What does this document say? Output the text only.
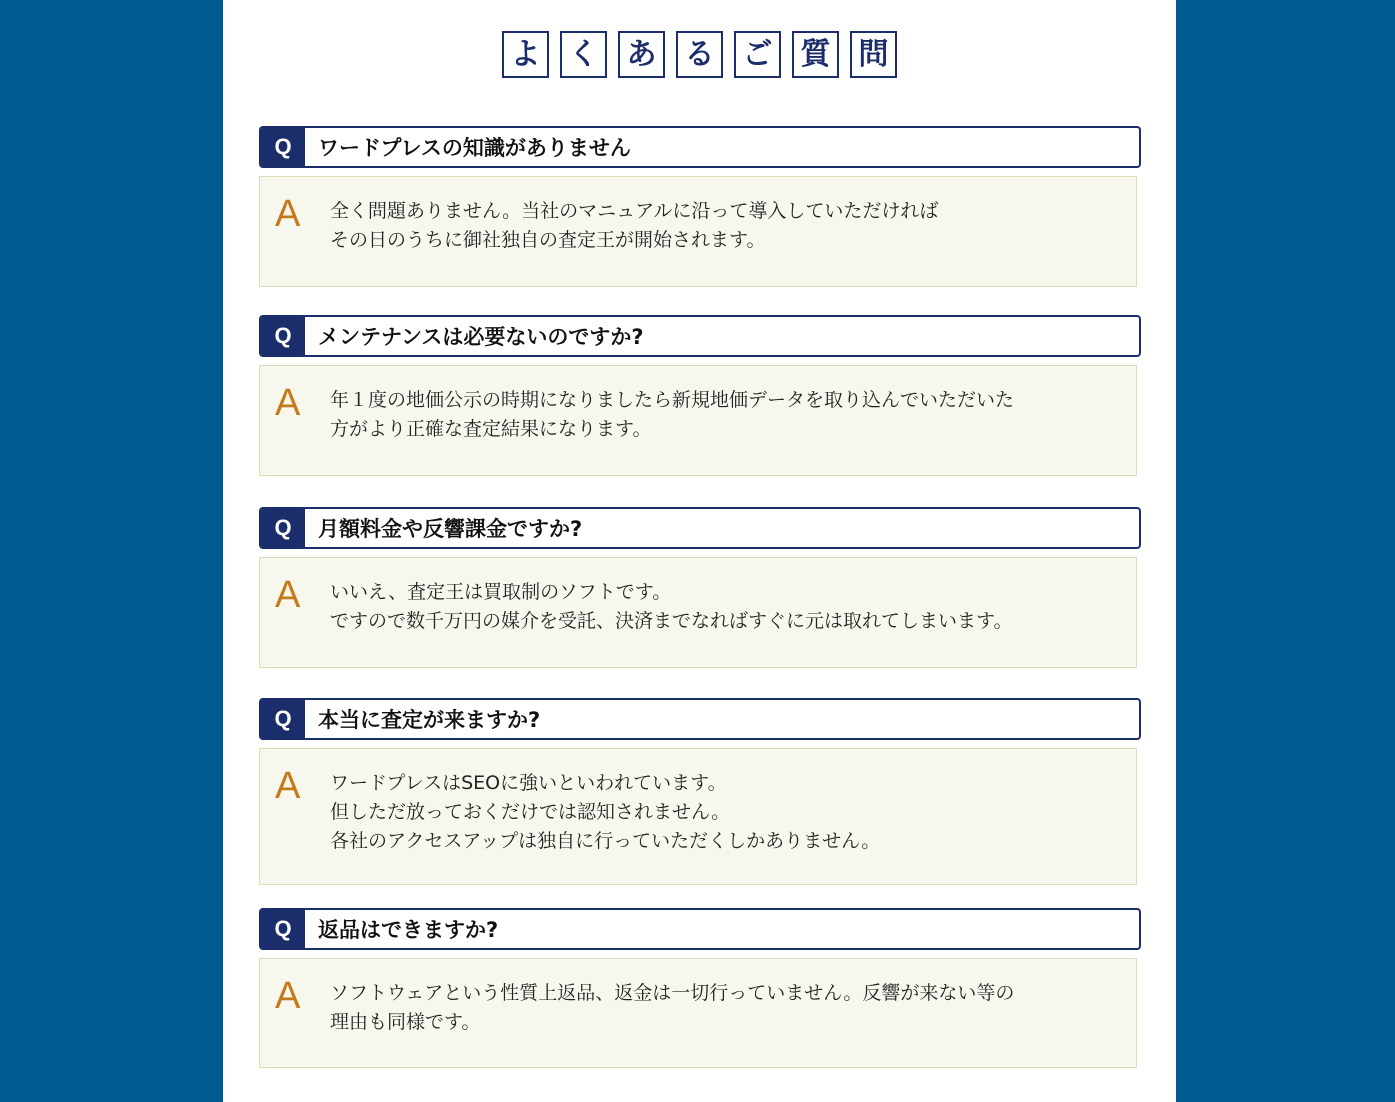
よ く あ る ご 質 問
Q	ワードプレスの知識がありません
A 全く問題ありません。当社のマニュアルに沿って導入していただければ
その日のうちに御社独自の査定王が開始されます。
Q	メンテナンスは必要ないのですか?
A 年１度の地価公示の時期になりましたら新規地価データを取り込んでいただいた
方がより正確な査定結果になります。
Q	月額料金や反響課金ですか?
A いいえ、査定王は買取制のソフトです。
ですので数千万円の媒介を受託、決済までなればすぐに元は取れてしまいます。
Q	本当に査定が来ますか?
A ワードプレスはSEOに強いといわれています。
但しただ放っておくだけでは認知されません。
各社のアクセスアップは独自に行っていただくしかありません。
Q	返品はできますか?
A ソフトウェアという性質上返品、返金は一切行っていません。反響が来ない等の
理由も同様です。
